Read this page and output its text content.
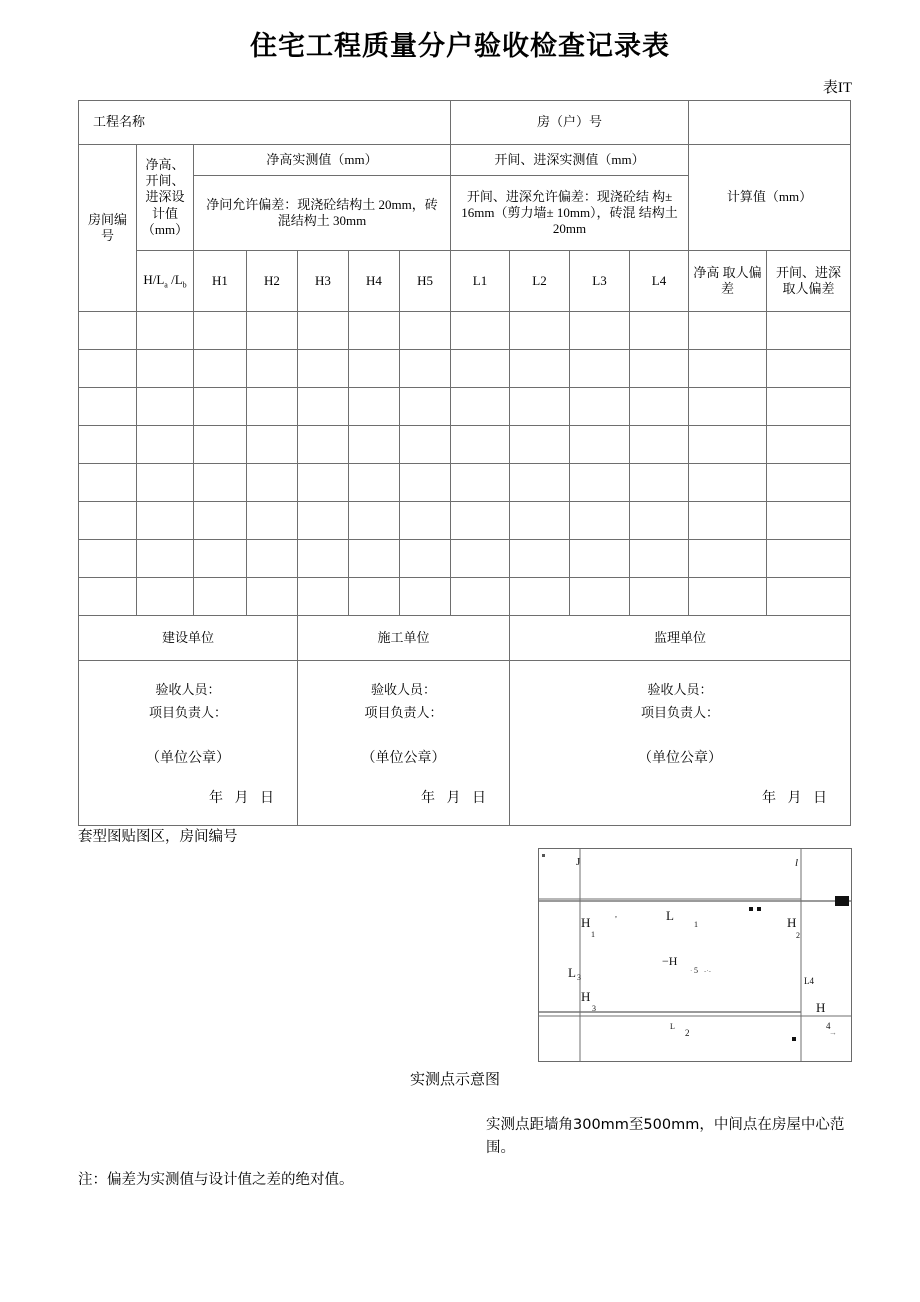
住宅工程质量分户验收检查记录表
表IT
工程名称							房（户）号					
房间编号	净高、开间、进深设 计值（mm）	净高实测值（mm）					开间、进深实测值（mm）				计算值（mm）	
		净问允许偏差：现浇砼结构土 20mm，砖混结构土 30mm					开间、进深允许偏差：现浇砼结 构± 16mm（剪力墙± 10mm），砖混 结构土 20mm					
	$H/L_a$ $/L_b$	H1	H2	H3	H4	H5	L1	L2	L3	L4	净高 取人偏差	开间、进深 取人偏差

建设单位				施工单位				监理单位				

验收人员：
项目负责人：
（单位公章）
年 月 日

验收人员：
项目负责人：
（单位公章）
年 月 日

验收人员：
项目负责人：
（单位公章）
年 月 日
套型图贴图区，房间编号
H
1
H
2
L
1
−H
5
L 3
H
3
L4
H
4
L
2
J	l
,
· -·-
→
实测点示意图
实测点距墙角300mm至500mm，中间点在房屋中心范围。
注：偏差为实测值与设计值之差的绝对值。
